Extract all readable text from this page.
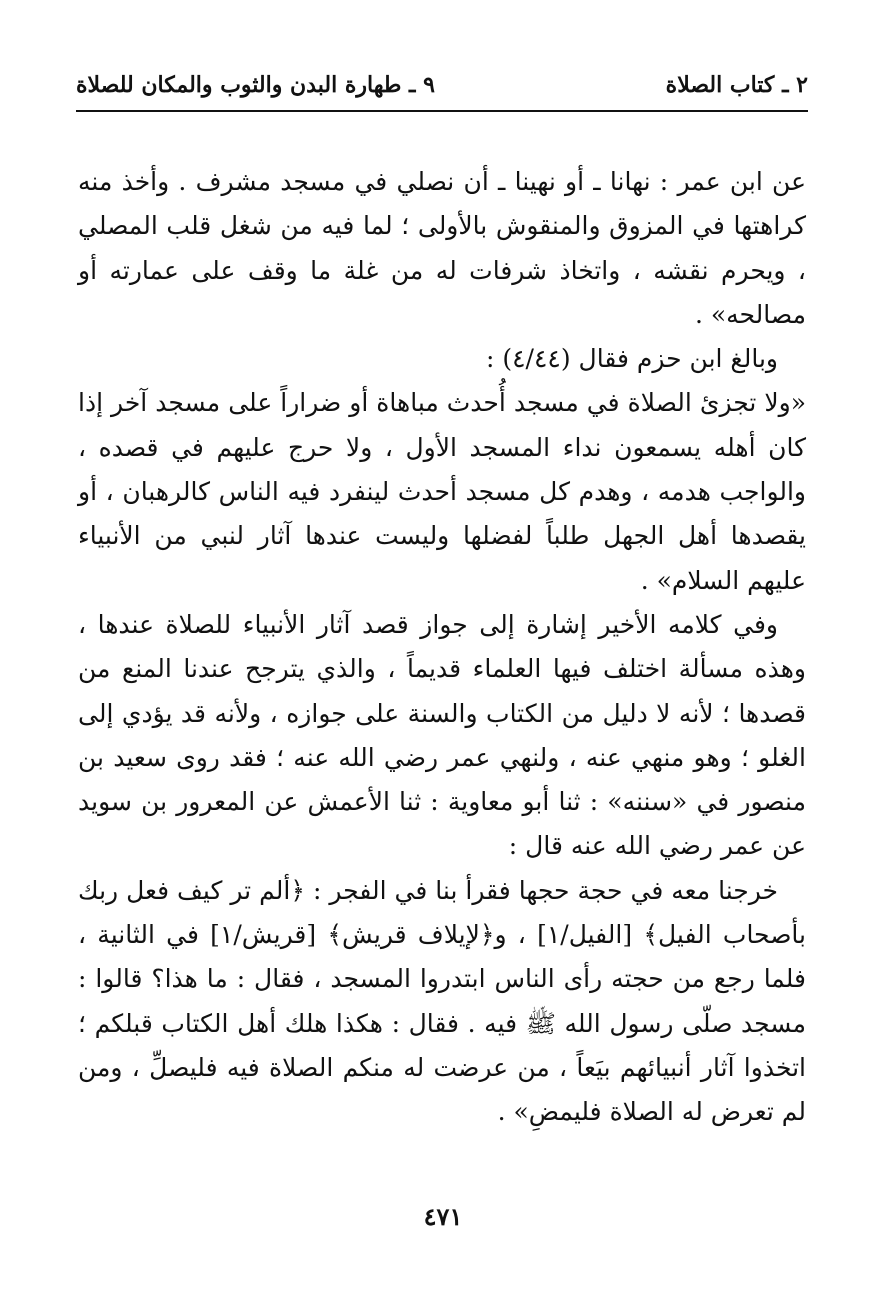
٢ ـ كتاب الصلاة
٩ ـ طهارة البدن والثوب والمكان للصلاة

عن ابن عمر : نهانا ـ أو نهينا ـ أن نصلي في مسجد مشرف . وأخذ منه كراهتها في المزوق والمنقوش بالأولى ؛ لما فيه من شغل قلب المصلي ، ويحرم نقشه ، واتخاذ شرفات له من غلة ما وقف على عمارته أو مصالحه» .

وبالغ ابن حزم فقال (٤/٤٤) :

«ولا تجزئ الصلاة في مسجد أُحدث مباهاة أو ضراراً على مسجد آخر إذا كان أهله يسمعون نداء المسجد الأول ، ولا حرج عليهم في قصده ، والواجب هدمه ، وهدم كل مسجد أحدث لينفرد فيه الناس كالرهبان ، أو يقصدها أهل الجهل طلباً لفضلها وليست عندها آثار لنبي من الأنبياء عليهم السلام» .

وفي كلامه الأخير إشارة إلى جواز قصد آثار الأنبياء للصلاة عندها ، وهذه مسألة اختلف فيها العلماء قديماً ، والذي يترجح عندنا المنع من قصدها ؛ لأنه لا دليل من الكتاب والسنة على جوازه ، ولأنه قد يؤدي إلى الغلو ؛ وهو منهي عنه ، ولنهي عمر رضي الله عنه ؛ فقد روى سعيد بن منصور في «سننه» : ثنا أبو معاوية : ثنا الأعمش عن المعرور بن سويد عن عمر رضي الله عنه قال :

خرجنا معه في حجة حجها فقرأ بنا في الفجر : ﴿ألم تر كيف فعل ربك بأصحاب الفيل﴾ [الفيل/١] ، و﴿لإيلاف قريش﴾ [قريش/١] في الثانية ، فلما رجع من حجته رأى الناس ابتدروا المسجد ، فقال : ما هذا؟ قالوا : مسجد صلّى رسول الله ﷺ فيه . فقال : هكذا هلك أهل الكتاب قبلكم ؛ اتخذوا آثار أنبيائهم بيَعاً ، من عرضت له منكم الصلاة فيه فليصلِّ ، ومن لم تعرض له الصلاة فليمضِ» .

٤٧١
